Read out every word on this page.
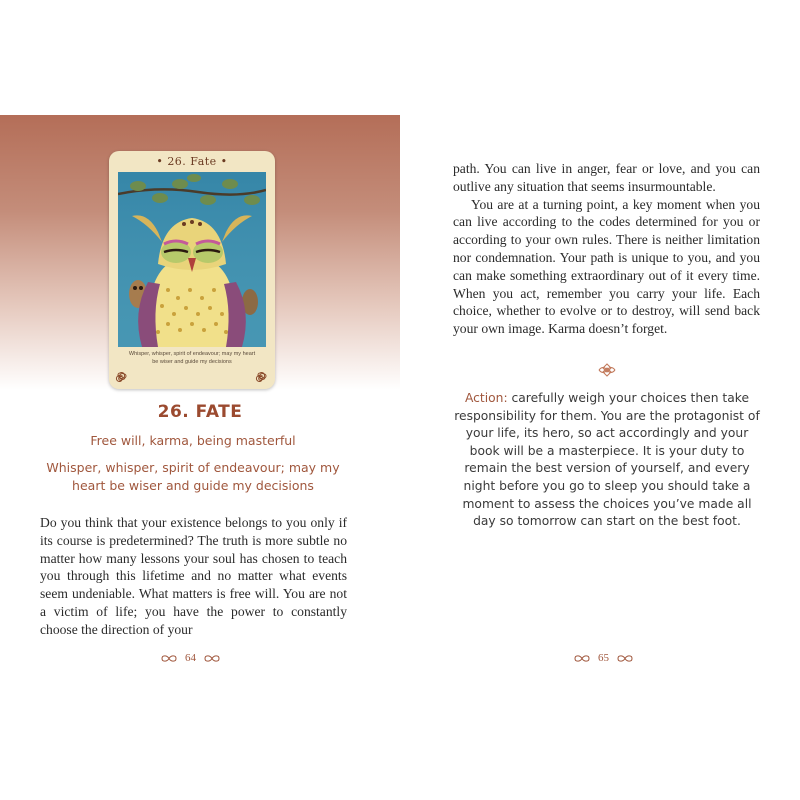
• 26. Fate •
Whisper, whisper, spirit of endeavour; may my heart be wiser and guide my decisions
26. FATE
Free will, karma, being masterful
Whisper, whisper, spirit of endeavour; may my heart be wiser and guide my decisions

Do you think that your existence belongs to you only if its course is predetermined? The truth is more subtle no matter how many lessons your soul has chosen to teach you through this lifetime and no matter what events seem undeniable. What matters is free will. You are not a victim of life; you have the power to constantly choose the direction of your

64

path. You can live in anger, fear or love, and you can outlive any situation that seems insurmountable.

You are at a turning point, a key moment when you can live according to the codes determined for you or according to your own rules. There is neither limitation nor condemnation. Your path is unique to you, and you can make something extraordinary out of it every time. When you act, remember you carry your life. Each choice, whether to evolve or to destroy, will send back your own image. Karma doesn’t forget.

Action: carefully weigh your choices then take responsibility for them. You are the protagonist of your life, its hero, so act accordingly and your book will be a masterpiece. It is your duty to remain the best version of yourself, and every night before you go to sleep you should take a moment to assess the choices you’ve made all day so tomorrow can start on the best foot.
65
